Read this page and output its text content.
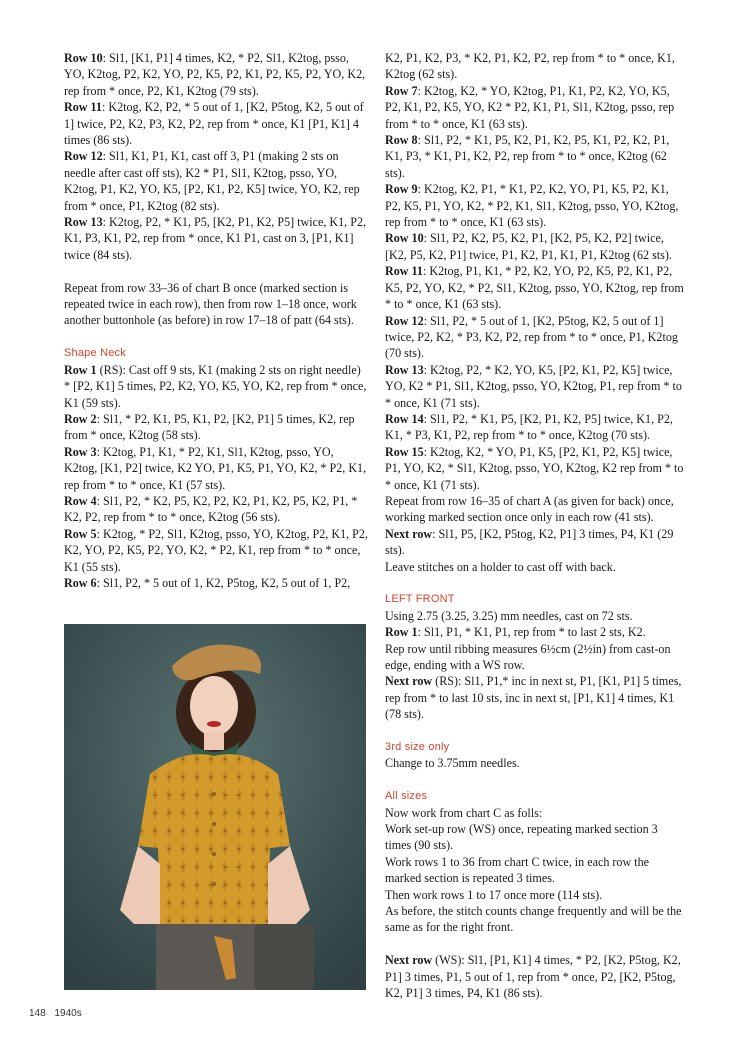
Row 10: Sl1, [K1, P1] 4 times, K2, * P2, Sl1, K2tog, psso, YO, K2tog, P2, K2, YO, P2, K5, P2, K1, P2, K5, P2, YO, K2, rep from * once, P2, K1, K2tog (79 sts).

Row 11: K2tog, K2, P2, * 5 out of 1, [K2, P5tog, K2, 5 out of 1] twice, P2, K2, P3, K2, P2, rep from * once, K1 [P1, K1] 4 times (86 sts).

Row 12: Sl1, K1, P1, K1, cast off 3, P1 (making 2 sts on needle after cast off sts), K2 * P1, Sl1, K2tog, psso, YO, K2tog, P1, K2, YO, K5, [P2, K1, P2, K5] twice, YO, K2, rep from * once, P1, K2tog (82 sts).

Row 13: K2tog, P2, * K1, P5, [K2, P1, K2, P5] twice, K1, P2, K1, P3, K1, P2, rep from * once, K1 P1, cast on 3, [P1, K1] twice (84 sts).

Repeat from row 33–36 of chart B once (marked section is repeated twice in each row), then from row 1–18 once, work another buttonhole (as before) in row 17–18 of patt (64 sts).

Shape Neck

Row 1 (RS): Cast off 9 sts, K1 (making 2 sts on right needle) * [P2, K1] 5 times, P2, K2, YO, K5, YO, K2, rep from * once, K1 (59 sts).

Row 2: Sl1, * P2, K1, P5, K1, P2, [K2, P1] 5 times, K2, rep from * once, K2tog (58 sts).

Row 3: K2tog, P1, K1, * P2, K1, Sl1, K2tog, psso, YO, K2tog, [K1, P2] twice, K2 YO, P1, K5, P1, YO, K2, * P2, K1, rep from * to * once, K1 (57 sts).

Row 4: Sl1, P2, * K2, P5, K2, P2, K2, P1, K2, P5, K2, P1, * K2, P2, rep from * to * once, K2tog (56 sts).

Row 5: K2tog, * P2, Sl1, K2tog, psso, YO, K2tog, P2, K1, P2, K2, YO, P2, K5, P2, YO, K2, * P2, K1, rep from * to * once, K1 (55 sts).

Row 6: Sl1, P2, * 5 out of 1, K2, P5tog, K2, 5 out of 1, P2,

K2, P1, K2, P3, * K2, P1, K2, P2, rep from * to * once, K1, K2tog (62 sts).

Row 7: K2tog, K2, * YO, K2tog, P1, K1, P2, K2, YO, K5, P2, K1, P2, K5, YO, K2 * P2, K1, P1, Sl1, K2tog, psso, rep from * to * once, K1 (63 sts).

Row 8: Sl1, P2, * K1, P5, K2, P1, K2, P5, K1, P2, K2, P1, K1, P3, * K1, P1, K2, P2, rep from * to * once, K2tog (62 sts).

Row 9: K2tog, K2, P1, * K1, P2, K2, YO, P1, K5, P2, K1, P2, K5, P1, YO, K2, * P2, K1, Sl1, K2tog, psso, YO, K2tog, rep from * to * once, K1 (63 sts).

Row 10: Sl1, P2, K2, P5, K2, P1, [K2, P5, K2, P2] twice, [K2, P5, K2, P1] twice, P1, K2, P1, K1, P1, K2tog (62 sts).

Row 11: K2tog, P1, K1, * P2, K2, YO, P2, K5, P2, K1, P2, K5, P2, YO, K2, * P2, Sl1, K2tog, psso, YO, K2tog, rep from * to * once, K1 (63 sts).

Row 12: Sl1, P2, * 5 out of 1, [K2, P5tog, K2, 5 out of 1] twice, P2, K2, * P3, K2, P2, rep from * to * once, P1, K2tog (70 sts).

Row 13: K2tog, P2, * K2, YO, K5, [P2, K1, P2, K5] twice, YO, K2 * P1, Sl1, K2tog, psso, YO, K2tog, P1, rep from * to * once, K1 (71 sts).

Row 14: Sl1, P2, * K1, P5, [K2, P1, K2, P5] twice, K1, P2, K1, * P3, K1, P2, rep from * to * once, K2tog (70 sts).

Row 15: K2tog, K2, * YO, P1, K5, [P2, K1, P2, K5] twice, P1, YO, K2, * Sl1, K2tog, psso, YO, K2tog, K2 rep from * to * once, K1 (71 sts).

Repeat from row 16–35 of chart A (as given for back) once, working marked section once only in each row (41 sts).

Next row: Sl1, P5, [K2, P5tog, K2, P1] 3 times, P4, K1 (29 sts).

Leave stitches on a holder to cast off with back.

LEFT FRONT

Using 2.75 (3.25, 3.25) mm needles, cast on 72 sts.

Row 1: Sl1, P1, * K1, P1, rep from * to last 2 sts, K2.

Rep row until ribbing measures 6½cm (2½in) from cast-on edge, ending with a WS row.

Next row (RS): Sl1, P1,* inc in next st, P1, [K1, P1] 5 times, rep from * to last 10 sts, inc in next st, [P1, K1] 4 times, K1 (78 sts).

3rd size only

Change to 3.75mm needles.

All sizes

Now work from chart C as folls:

Work set-up row (WS) once, repeating marked section 3 times (90 sts).

Work rows 1 to 36 from chart C twice, in each row the marked section is repeated 3 times.

Then work rows 1 to 17 once more (114 sts).

As before, the stitch counts change frequently and will be the same as for the right front.

Next row (WS): Sl1, [P1, K1] 4 times, * P2, [K2, P5tog, K2, P1] 3 times, P1, 5 out of 1, rep from * once, P2, [K2, P5tog, K2, P1] 3 times, P4, K1 (86 sts).

148 1940s
